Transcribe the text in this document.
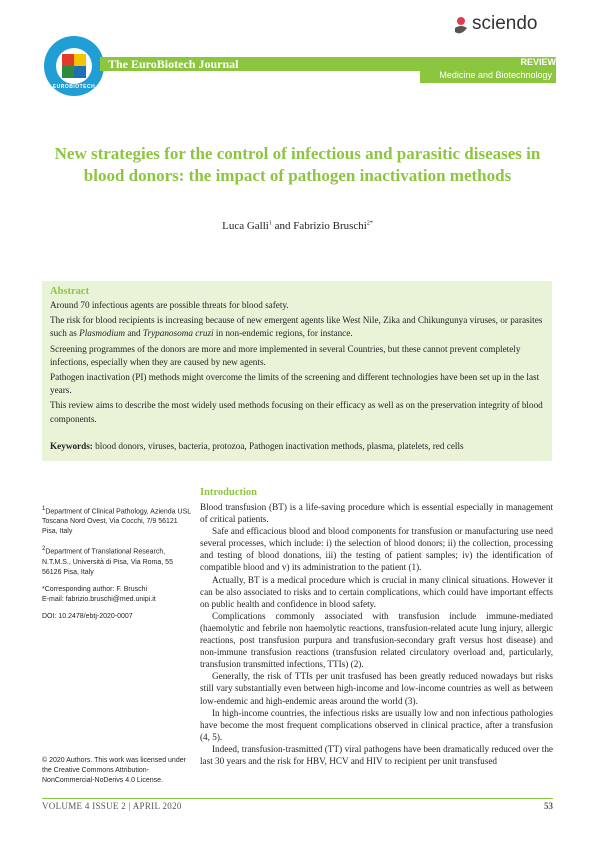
EUROBIOTECH
The EuroBiotech Journal	REVIEW
Medicine and Biotechnology
sciendo
New strategies for the control of infectious and parasitic diseases in blood donors: the impact of pathogen inactivation methods
Luca Galli$^1$ and Fabrizio Bruschi$^{2*}$
Abstract

Around 70 infectious agents are possible threats for blood safety.

The risk for blood recipients is increasing because of new emergent agents like West Nile, Zika and Chikungunya viruses, or parasites such as Plasmodium and Trypanosoma cruzi in non-endemic regions, for instance.

Screening programmes of the donors are more and more implemented in several Countries, but these cannot prevent completely infections, especially when they are caused by new agents.

Pathogen inactivation (PI) methods might overcome the limits of the screening and different technologies have been set up in the last years.

This review aims to describe the most widely used methods focusing on their efficacy as well as on the preservation integrity of blood components.

Keywords: blood donors, viruses, bacteria, protozoa, Pathogen inactivation methods, plasma, platelets, red cells

$^1$Department of Clinical Pathology, Azienda USL Toscana Nord Ovest, Via Cocchi, 7/9 56121 Pisa, Italy

$^2$Department of Translational Research, N.T.M.S., Università di Pisa, Via Roma, 55 56126 Pisa, Italy

*Corresponding author: F. Bruschi
E-mail: fabrizio.bruschi@med.unipi.it
DOI: 10.2478/ebtj-2020-0007
© 2020 Authors. This work was licensed under the Creative Commons Attribution-NonCommercial-NoDerivs 4.0 License.
Introduction

Blood transfusion (BT) is a life-saving procedure which is essential especially in management of critical patients.

Safe and efficacious blood and blood components for transfusion or manufacturing use need several processes, which include: i) the selection of blood donors; ii) the collection, processing and testing of blood donations, iii) the testing of patient samples; iv) the identification of compatible blood and v) its administration to the patient (1).

Actually, BT is a medical procedure which is crucial in many clinical situations. However it can be also associated to risks and to certain complications, which could have important effects on public health and confidence in blood safety.

Complications commonly associated with transfusion include immune-mediated (haemolytic and febrile non haemolytic reactions, transfusion-related acute lung injury, allergic reactions, post transfusion purpura and transfusion-secondary graft versus host disease) and non-immune transfusion reactions (transfusion related circulatory overload and, particularly, transfusion transmitted infections, TTIs) (2).

Generally, the risk of TTIs per unit trasfused has been greatly reduced nowadays but risks still vary substantially even between high-income and low-income countries as well as between low-endemic and high-endemic areas around the world (3).

In high-income countries, the infectious risks are usually low and non infectious pathologies have become the most frequent complications observed in clinical practice, after a transfusion (4, 5).

Indeed, transfusion-trasmitted (TT) viral pathogens have been dramatically reduced over the last 30 years and the risk for HBV, HCV and HIV to recipient per unit transfused

VOLUME 4 ISSUE 2 | APRIL 2020	53
